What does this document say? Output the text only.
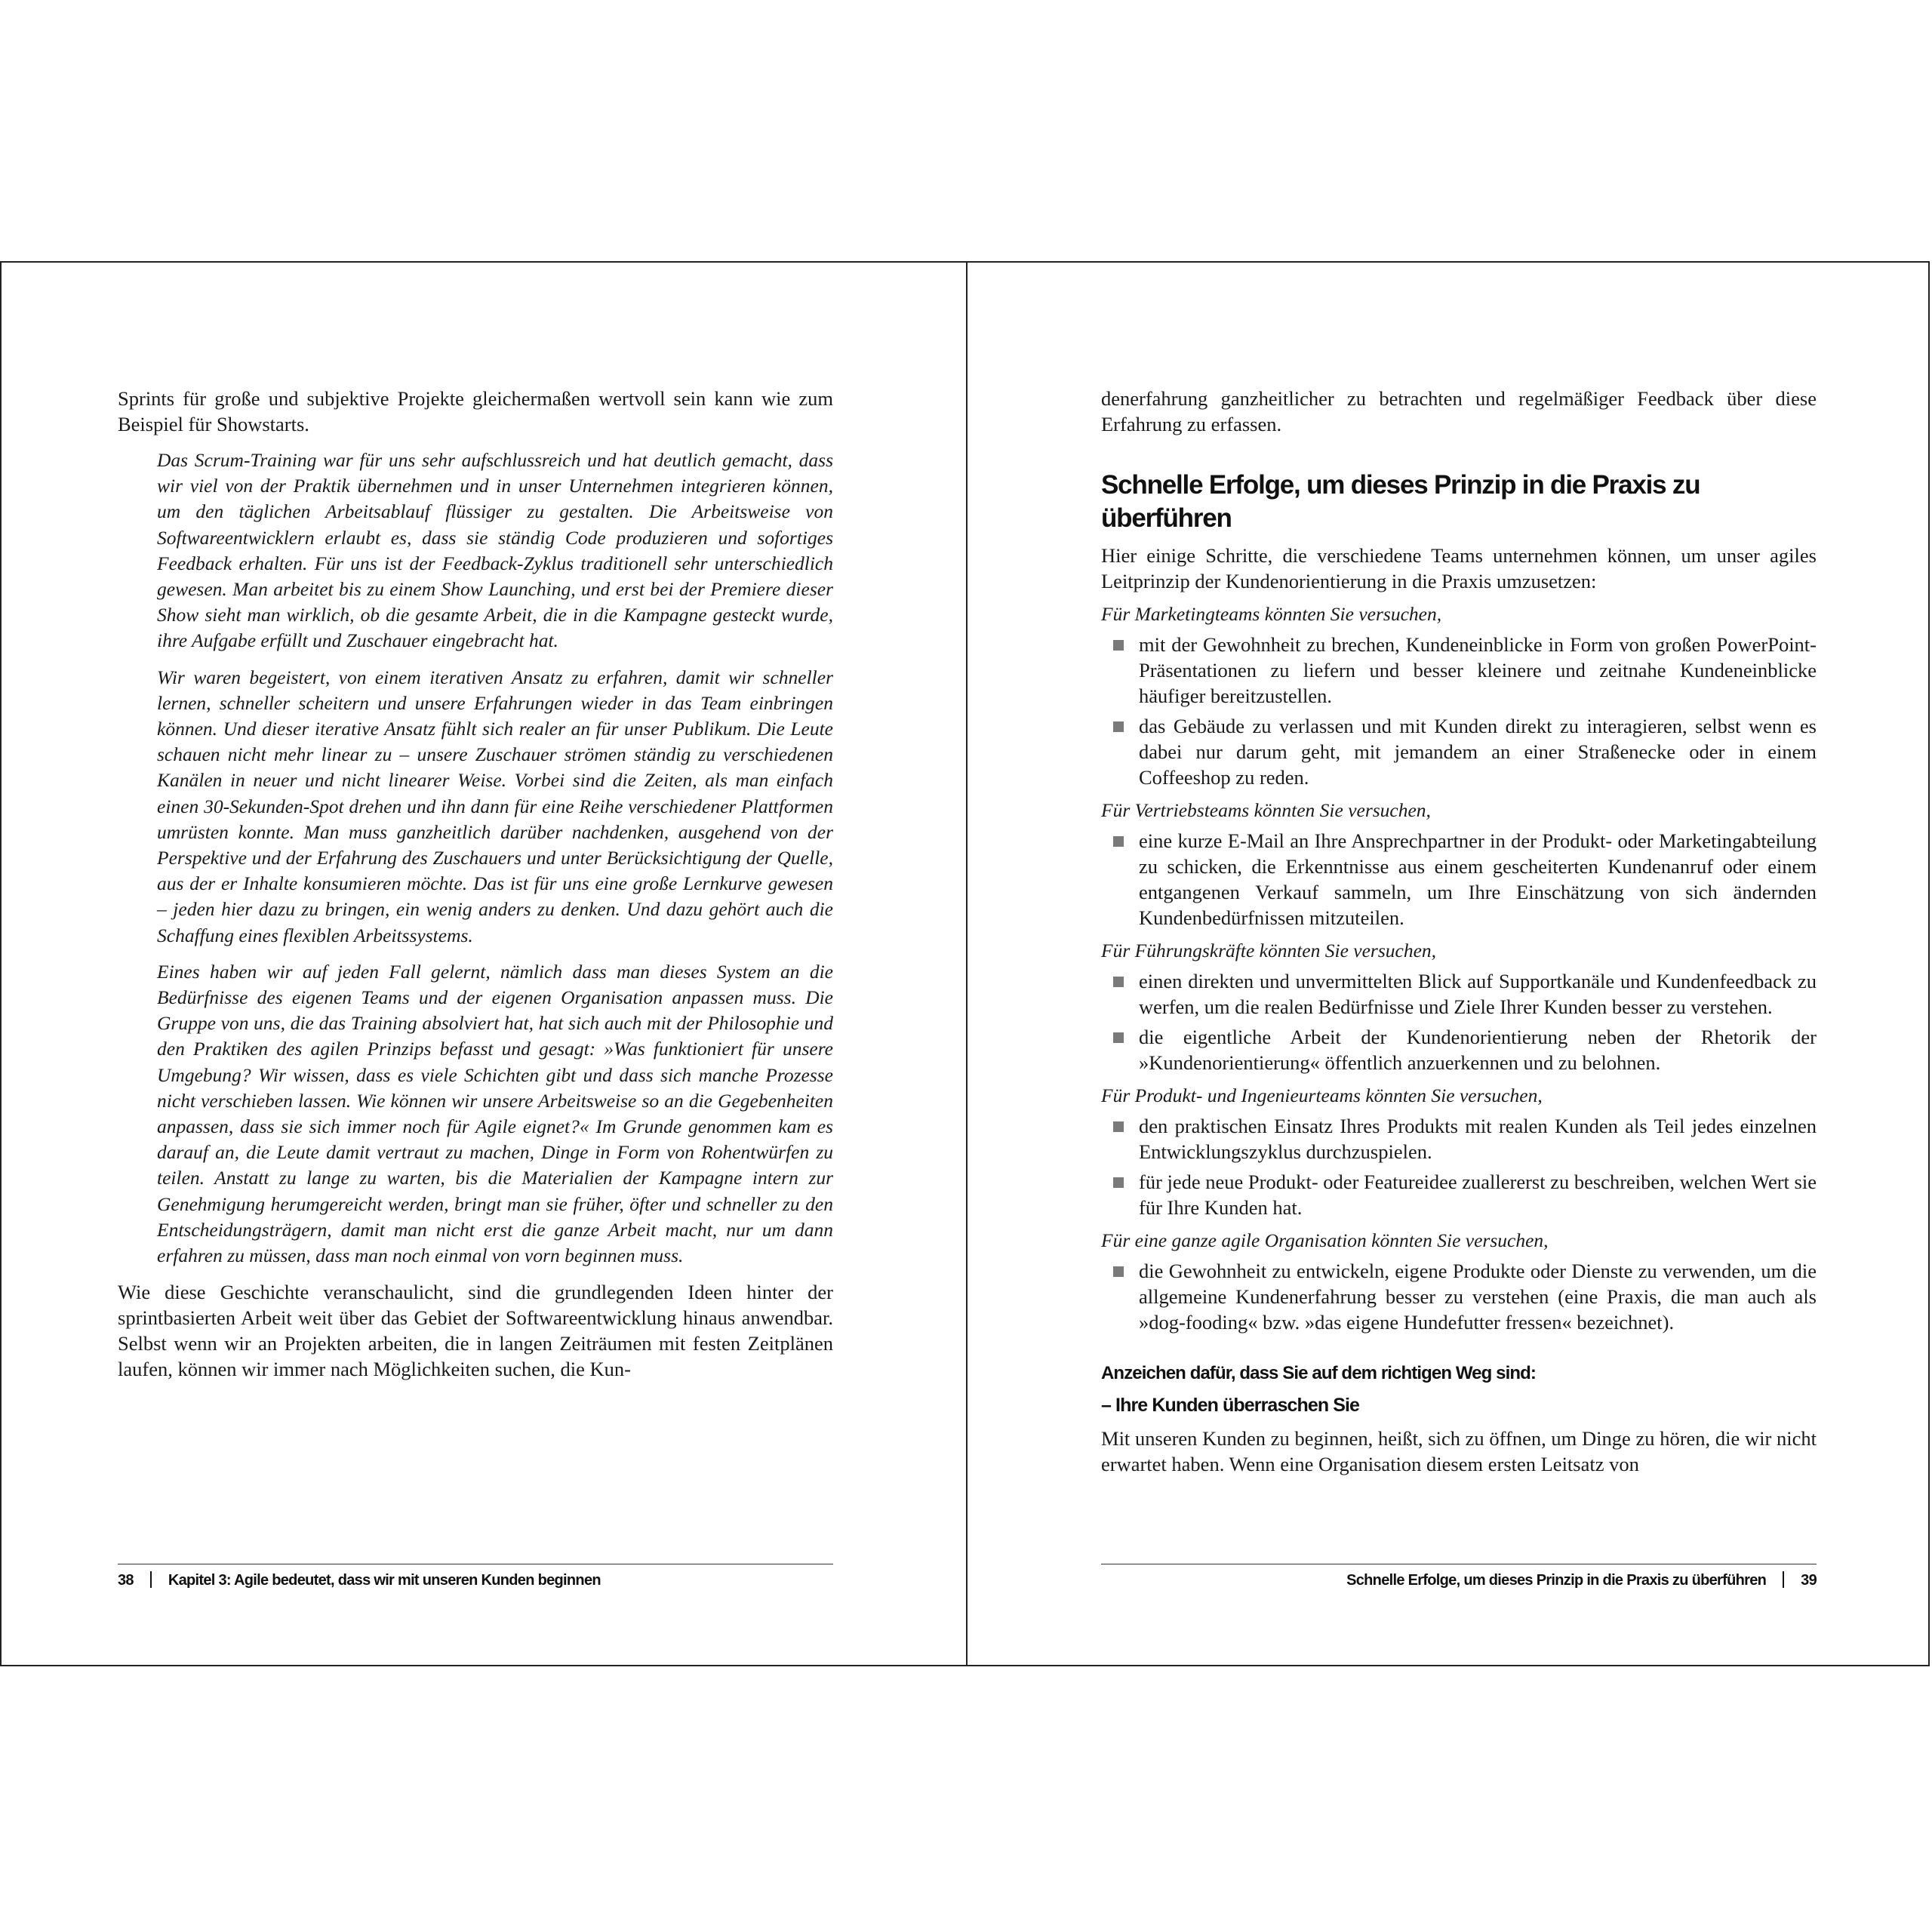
Sprints für große und subjektive Projekte gleichermaßen wertvoll sein kann wie zum Beispiel für Showstarts.

Das Scrum-Training war für uns sehr aufschlussreich und hat deutlich gemacht, dass wir viel von der Praktik übernehmen und in unser Unternehmen integrieren können, um den täglichen Arbeitsablauf flüssiger zu gestalten. Die Arbeitsweise von Softwareentwicklern erlaubt es, dass sie ständig Code produzieren und sofortiges Feedback erhalten. Für uns ist der Feedback-Zyklus traditionell sehr unterschiedlich gewesen. Man arbeitet bis zu einem Show Launching, und erst bei der Premiere dieser Show sieht man wirklich, ob die gesamte Arbeit, die in die Kampagne gesteckt wurde, ihre Aufgabe erfüllt und Zuschauer eingebracht hat.

Wir waren begeistert, von einem iterativen Ansatz zu erfahren, damit wir schneller lernen, schneller scheitern und unsere Erfahrungen wieder in das Team einbringen können. Und dieser iterative Ansatz fühlt sich realer an für unser Publikum. Die Leute schauen nicht mehr linear zu – unsere Zuschauer strömen ständig zu verschiedenen Kanälen in neuer und nicht linearer Weise. Vorbei sind die Zeiten, als man einfach einen 30-Sekunden-Spot drehen und ihn dann für eine Reihe verschiedener Plattformen umrüsten konnte. Man muss ganzheitlich darüber nachdenken, ausgehend von der Perspektive und der Erfahrung des Zuschauers und unter Berücksichtigung der Quelle, aus der er Inhalte konsumieren möchte. Das ist für uns eine große Lernkurve gewesen – jeden hier dazu zu bringen, ein wenig anders zu denken. Und dazu gehört auch die Schaffung eines flexiblen Arbeitssystems.

Eines haben wir auf jeden Fall gelernt, nämlich dass man dieses System an die Bedürfnisse des eigenen Teams und der eigenen Organisation anpassen muss. Die Gruppe von uns, die das Training absolviert hat, hat sich auch mit der Philosophie und den Praktiken des agilen Prinzips befasst und gesagt: »Was funktioniert für unsere Umgebung? Wir wissen, dass es viele Schichten gibt und dass sich manche Prozesse nicht verschieben lassen. Wie können wir unsere Arbeitsweise so an die Gegebenheiten anpassen, dass sie sich immer noch für Agile eignet?« Im Grunde genommen kam es darauf an, die Leute damit vertraut zu machen, Dinge in Form von Rohentwürfen zu teilen. Anstatt zu lange zu warten, bis die Materialien der Kampagne intern zur Genehmigung herumgereicht werden, bringt man sie früher, öfter und schneller zu den Entscheidungsträgern, damit man nicht erst die ganze Arbeit macht, nur um dann erfahren zu müssen, dass man noch einmal von vorn beginnen muss.

Wie diese Geschichte veranschaulicht, sind die grundlegenden Ideen hinter der sprintbasierten Arbeit weit über das Gebiet der Softwareentwicklung hinaus anwendbar. Selbst wenn wir an Projekten arbeiten, die in langen Zeiträumen mit festen Zeitplänen laufen, können wir immer nach Möglichkeiten suchen, die Kun-

38 Kapitel 3: Agile bedeutet, dass wir mit unseren Kunden beginnen

denerfahrung ganzheitlicher zu betrachten und regelmäßiger Feedback über diese Erfahrung zu erfassen.

Schnelle Erfolge, um dieses Prinzip in die Praxis zu überführen

Hier einige Schritte, die verschiedene Teams unternehmen können, um unser agiles Leitprinzip der Kundenorientierung in die Praxis umzusetzen:

Für Marketingteams könnten Sie versuchen,

mit der Gewohnheit zu brechen, Kundeneinblicke in Form von großen PowerPoint-Präsentationen zu liefern und besser kleinere und zeitnahe Kundeneinblicke häufiger bereitzustellen.
das Gebäude zu verlassen und mit Kunden direkt zu interagieren, selbst wenn es dabei nur darum geht, mit jemandem an einer Straßenecke oder in einem Coffeeshop zu reden.

Für Vertriebsteams könnten Sie versuchen,

eine kurze E-Mail an Ihre Ansprechpartner in der Produkt- oder Marketingabteilung zu schicken, die Erkenntnisse aus einem gescheiterten Kundenanruf oder einem entgangenen Verkauf sammeln, um Ihre Einschätzung von sich ändernden Kundenbedürfnissen mitzuteilen.

Für Führungskräfte könnten Sie versuchen,

einen direkten und unvermittelten Blick auf Supportkanäle und Kundenfeedback zu werfen, um die realen Bedürfnisse und Ziele Ihrer Kunden besser zu verstehen.
die eigentliche Arbeit der Kundenorientierung neben der Rhetorik der »Kundenorientierung« öffentlich anzuerkennen und zu belohnen.

Für Produkt- und Ingenieurteams könnten Sie versuchen,

den praktischen Einsatz Ihres Produkts mit realen Kunden als Teil jedes einzelnen Entwicklungszyklus durchzuspielen.
für jede neue Produkt- oder Featureidee zuallererst zu beschreiben, welchen Wert sie für Ihre Kunden hat.

Für eine ganze agile Organisation könnten Sie versuchen,

die Gewohnheit zu entwickeln, eigene Produkte oder Dienste zu verwenden, um die allgemeine Kundenerfahrung besser zu verstehen (eine Praxis, die man auch als »dog-fooding« bzw. »das eigene Hundefutter fressen« bezeichnet).
Anzeichen dafür, dass Sie auf dem richtigen Weg sind:
– Ihre Kunden überraschen Sie

Mit unseren Kunden zu beginnen, heißt, sich zu öffnen, um Dinge zu hören, die wir nicht erwartet haben. Wenn eine Organisation diesem ersten Leitsatz von

Schnelle Erfolge, um dieses Prinzip in die Praxis zu überführen 39
